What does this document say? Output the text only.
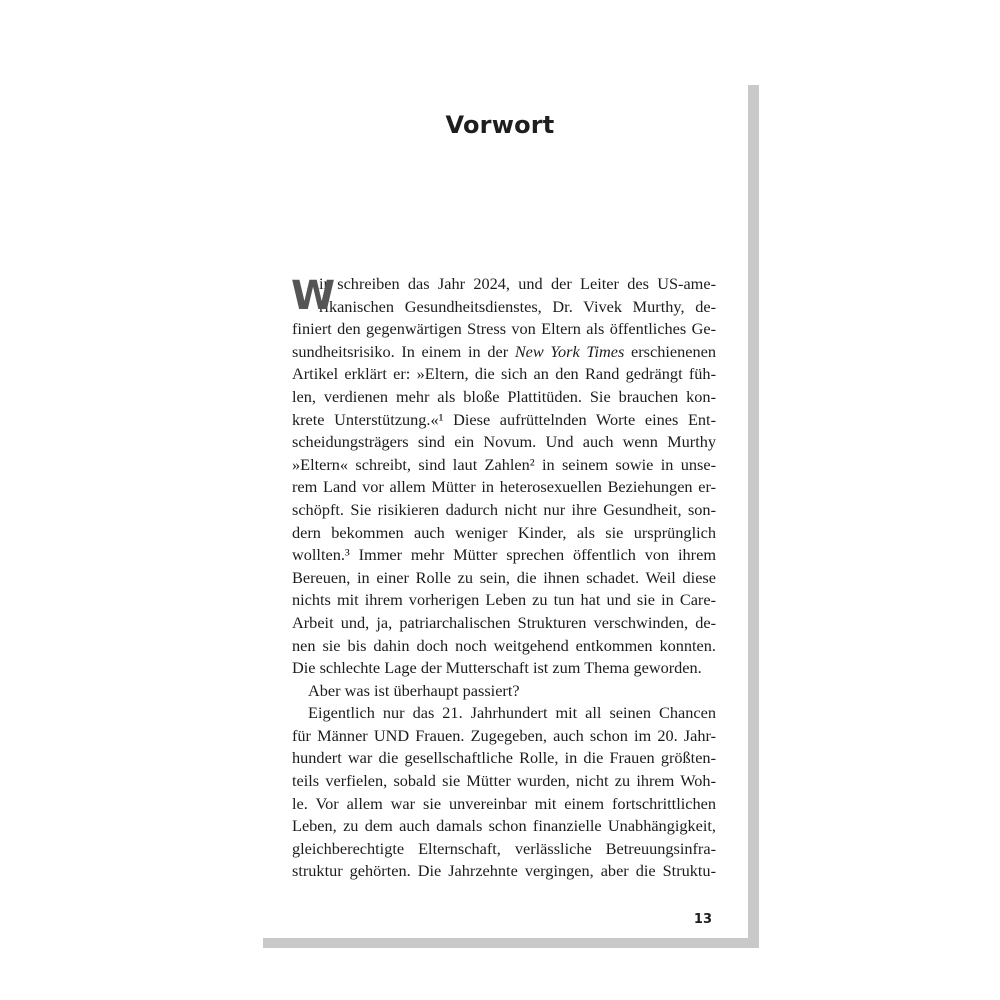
Vorwort
W
ir schreiben das Jahr 2024, und der Leiter des US-ame-
rikanischen Gesundheitsdienstes, Dr. Vivek Murthy, de-
finiert den gegenwärtigen Stress von Eltern als öffentliches Ge-
sundheitsrisiko. In einem in der New York Times erschienenen
Artikel erklärt er: »Eltern, die sich an den Rand gedrängt füh-
len, verdienen mehr als bloße Plattitüden. Sie brauchen kon-
krete Unterstützung.«¹ Diese aufrüttelnden Worte eines Ent-
scheidungsträgers sind ein Novum. Und auch wenn Murthy
»Eltern« schreibt, sind laut Zahlen² in seinem sowie in unse-
rem Land vor allem Mütter in heterosexuellen Beziehungen er-
schöpft. Sie risikieren dadurch nicht nur ihre Gesundheit, son-
dern bekommen auch weniger Kinder, als sie ursprünglich
wollten.³ Immer mehr Mütter sprechen öffentlich von ihrem
Bereuen, in einer Rolle zu sein, die ihnen schadet. Weil diese
nichts mit ihrem vorherigen Leben zu tun hat und sie in Care-
Arbeit und, ja, patriarchalischen Strukturen verschwinden, de-
nen sie bis dahin doch noch weitgehend entkommen konnten.
Die schlechte Lage der Mutterschaft ist zum Thema geworden.
Aber was ist überhaupt passiert?
Eigentlich nur das 21. Jahrhundert mit all seinen Chancen
für Männer UND Frauen. Zugegeben, auch schon im 20. Jahr-
hundert war die gesellschaftliche Rolle, in die Frauen größten-
teils verfielen, sobald sie Mütter wurden, nicht zu ihrem Woh-
le. Vor allem war sie unvereinbar mit einem fortschrittlichen
Leben, zu dem auch damals schon finanzielle Unabhängigkeit,
gleichberechtigte Elternschaft, verlässliche Betreuungsinfra-
struktur gehörten. Die Jahrzehnte vergingen, aber die Struktu-
13
